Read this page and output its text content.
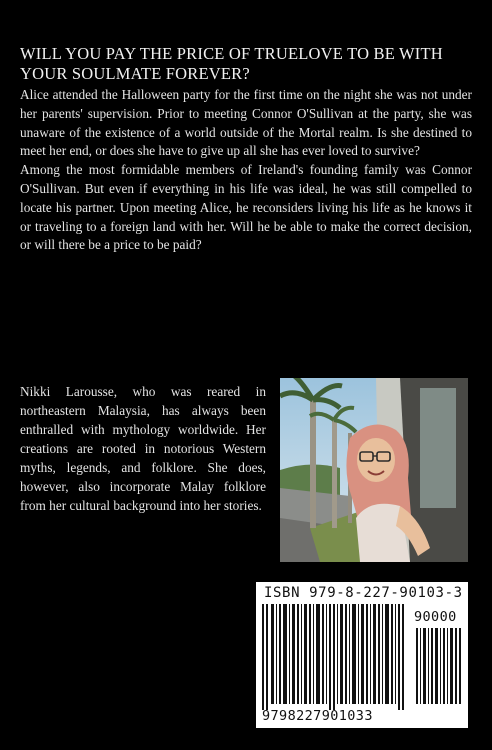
WILL YOU PAY THE PRICE OF TRUELOVE TO BE WITH YOUR SOULMATE FOREVER?

Alice attended the Halloween party for the first time on the night she was not under her parents' supervision. Prior to meeting Connor O'Sullivan at the party, she was unaware of the existence of a world outside of the Mortal realm. Is she destined to meet her end, or does she have to give up all she has ever loved to survive?

Among the most formidable members of Ireland's founding family was Connor O'Sullivan. But even if everything in his life was ideal, he was still compelled to locate his partner. Upon meeting Alice, he reconsiders living his life as he knows it or traveling to a foreign land with her. Will he be able to make the correct decision, or will there be a price to be paid?

Nikki Larousse, who was reared in northeastern Malaysia, has always been enthralled with mythology worldwide. Her creations are rooted in notorious Western myths, legends, and folklore. She does, however, also incorporate Malay folklore from her cultural background into her stories.
ISBN 979-8-227-90103-3
90000
9798227901033
